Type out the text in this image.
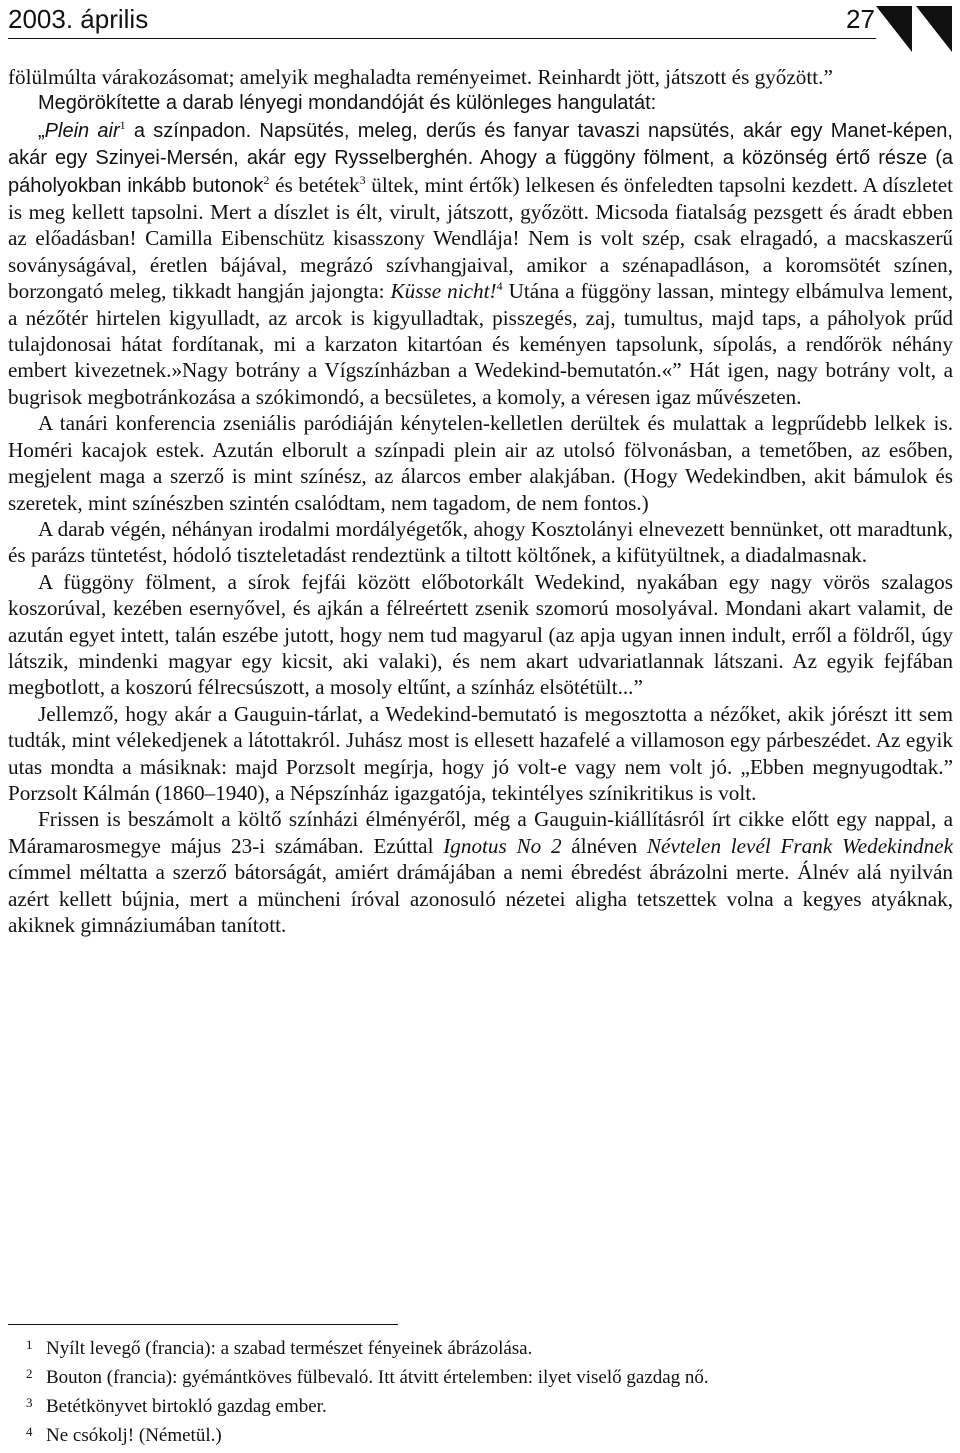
2003. április	27

fölülmúlta várakozásomat; amelyik meghaladta reményeimet. Reinhardt jött, játszott és győzött.”

Megörökítette a darab lényegi mondandóját és különleges hangulatát:

„Plein air$^1$ a színpadon. Napsütés, meleg, derűs és fanyar tavaszi napsütés, akár egy Manet-képen, akár egy Szinyei-Mersén, akár egy Rysselberghén. Ahogy a függöny fölment, a közönség értő része (a páholyokban inkább butonok$^2$ és betétek$^3$ ültek, mint értők) lelkesen és önfeledten tapsolni kezdett. A díszletet is meg kellett tapsolni. Mert a díszlet is élt, virult, játszott, győzött. Micsoda fiatalság pezsgett és áradt ebben az előadásban! Camilla Eibenschütz kisasszony Wendlája! Nem is volt szép, csak elragadó, a macskaszerű soványságával, éretlen bájával, megrázó szívhangjaival, amikor a szénapadláson, a koromsötét színen, borzongató meleg, tikkadt hangján jajongta: Küsse nicht!$^4$ Utána a függöny lassan, mintegy elbámulva lement, a nézőtér hirtelen kigyulladt, az arcok is kigyulladtak, pisszegés, zaj, tumultus, majd taps, a páholyok prűd tulajdonosai hátat fordítanak, mi a karzaton kitartóan és keményen tapsolunk, sípolás, a rendőrök néhány embert kivezetnek.»Nagy botrány a Vígszínházban a Wedekind-bemutatón.«” Hát igen, nagy botrány volt, a bugrisok megbotránkozása a szókimondó, a becsületes, a komoly, a véresen igaz művészeten.

A tanári konferencia zseniális paródiáján kénytelen-kelletlen derültek és mulattak a legprűdebb lelkek is. Homéri kacajok estek. Azután elborult a színpadi plein air az utolsó fölvonásban, a temetőben, az esőben, megjelent maga a szerző is mint színész, az álarcos ember alakjában. (Hogy Wedekindben, akit bámulok és szeretek, mint színészben szintén csalódtam, nem tagadom, de nem fontos.)

A darab végén, néhányan irodalmi mordályégetők, ahogy Kosztolányi elnevezett bennünket, ott maradtunk, és parázs tüntetést, hódoló tiszteletadást rendeztünk a tiltott költőnek, a kifütyültnek, a diadalmasnak.

A függöny fölment, a sírok fejfái között előbotorkált Wedekind, nyakában egy nagy vörös szalagos koszorúval, kezében esernyővel, és ajkán a félreértett zsenik szomorú mosolyával. Mondani akart valamit, de azután egyet intett, talán eszébe jutott, hogy nem tud magyarul (az apja ugyan innen indult, erről a földről, úgy látszik, mindenki magyar egy kicsit, aki valaki), és nem akart udvariatlannak látszani. Az egyik fejfában megbotlott, a koszorú félrecsúszott, a mosoly eltűnt, a színház elsötétült...”

Jellemző, hogy akár a Gauguin-tárlat, a Wedekind-bemutató is megosztotta a nézőket, akik jórészt itt sem tudták, mint vélekedjenek a látottakról. Juhász most is ellesett hazafelé a villamoson egy párbeszédet. Az egyik utas mondta a másiknak: majd Porzsolt megírja, hogy jó volt-e vagy nem volt jó. „Ebben megnyugodtak.” Porzsolt Kálmán (1860–1940), a Népszínház igazgatója, tekintélyes színikritikus is volt.

Frissen is beszámolt a költő színházi élményéről, még a Gauguin-kiállításról írt cikke előtt egy nappal, a Máramarosmegye május 23-i számában. Ezúttal Ignotus No 2 álnéven Névtelen levél Frank Wedekindnek címmel méltatta a szerző bátorságát, amiért drámájában a nemi ébredést ábrázolni merte. Álnév alá nyilván azért kellett bújnia, mert a müncheni íróval azonosuló nézetei aligha tetszettek volna a kegyes atyáknak, akiknek gimnáziumában tanított.

1 Nyílt levegő (francia): a szabad természet fényeinek ábrázolása.
2 Bouton (francia): gyémántköves fülbevaló. Itt átvitt értelemben: ilyet viselő gazdag nő.
3 Betétkönyvet birtokló gazdag ember.
4 Ne csókolj! (Németül.)
